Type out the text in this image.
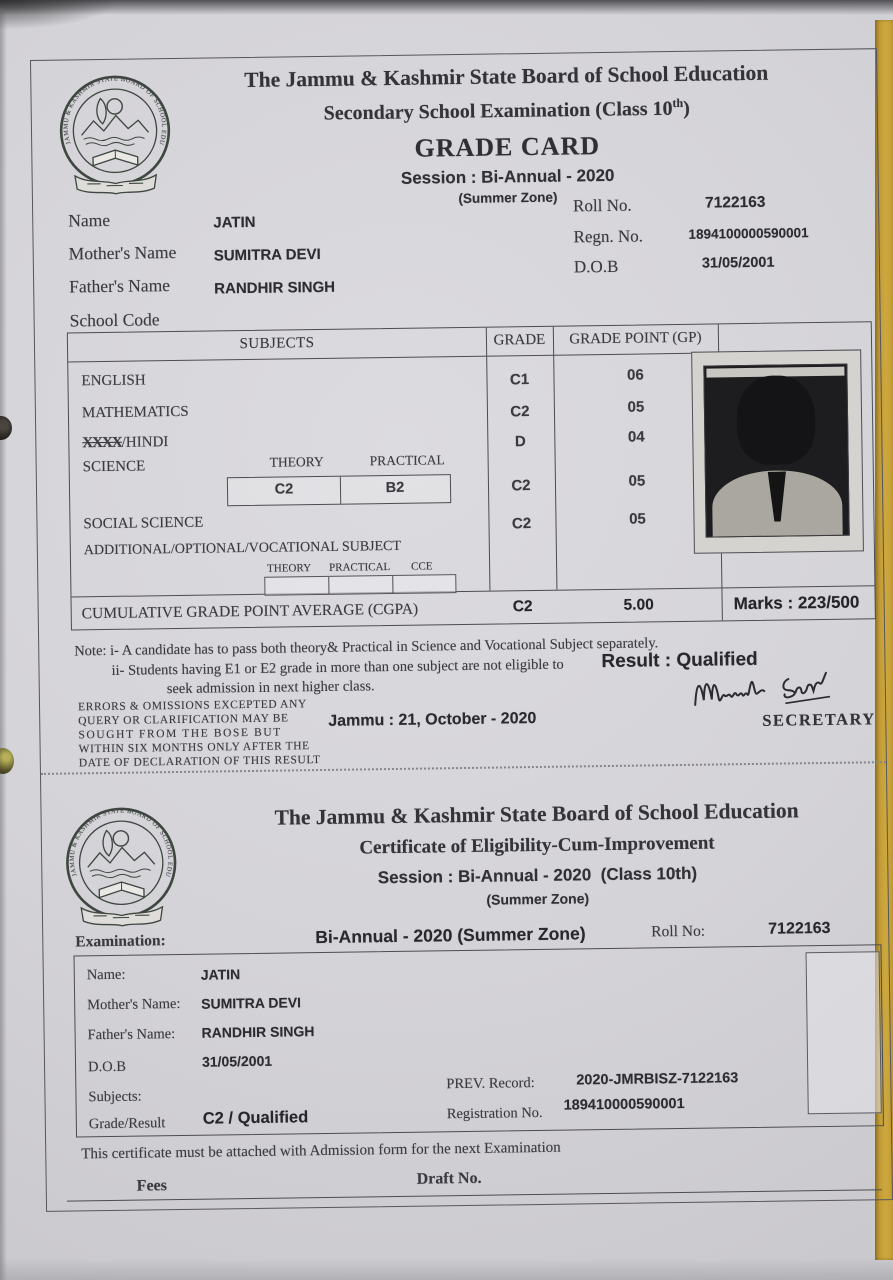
The Jammu & Kashmir State Board of School Education
Secondary School Examination (Class 10th)
GRADE CARD
Session : Bi-Annual - 2020
(Summer Zone)
Name	JATIN
Mother's Name SUMITRA DEVI
Father's Name	RANDHIR SINGH
School Code
Roll No.	7122163
Regn. No.	1894100000590001
D.O.B	31/05/2001
SUBJECTS	GRADE	GRADE POINT (GP)
ENGLISH	C1	06
MATHEMATICS	C2	05
XXXX/HINDI	D	04
SCIENCE	THEORY	PRACTICAL
C2	B2	C2	05
SOCIAL SCIENCE	C2	05
ADDITIONAL/OPTIONAL/VOCATIONAL SUBJECT
THEORY PRACTICAL CCE
CUMULATIVE GRADE POINT AVERAGE (CGPA)	C2	5.00	Marks : 223/500
Note: i- A candidate has to pass both theory& Practical in Science and Vocational Subject separately.
ii- Students having E1 or E2 grade in more than one subject are not eligible to
seek admission in next higher class.
Result : Qualified
ERRORS & OMISSIONS EXCEPTED ANY
QUERY OR CLARIFICATION MAY BE
SOUGHT FROM THE BOSE BUT
WITHIN SIX MONTHS ONLY AFTER THE
DATE OF DECLARATION OF THIS RESULT
Jammu : 21, October - 2020	SECRETARY
The Jammu & Kashmir State Board of School Education
Certificate of Eligibility-Cum-Improvement
Session : Bi-Annual - 2020 (Class 10th)
(Summer Zone)
Examination:	Bi-Annual - 2020 (Summer Zone)	Roll No:	7122163
Name:	JATIN
Mother's Name: SUMITRA DEVI
Father's Name: RANDHIR SINGH
D.O.B	31/05/2001
Subjects:
Grade/Result C2 / Qualified
PREV. Record:	2020-JMRBISZ-7122163
Registration No. 189410000590001
This certificate must be attached with Admission form for the next Examination
Fees	Draft No.
